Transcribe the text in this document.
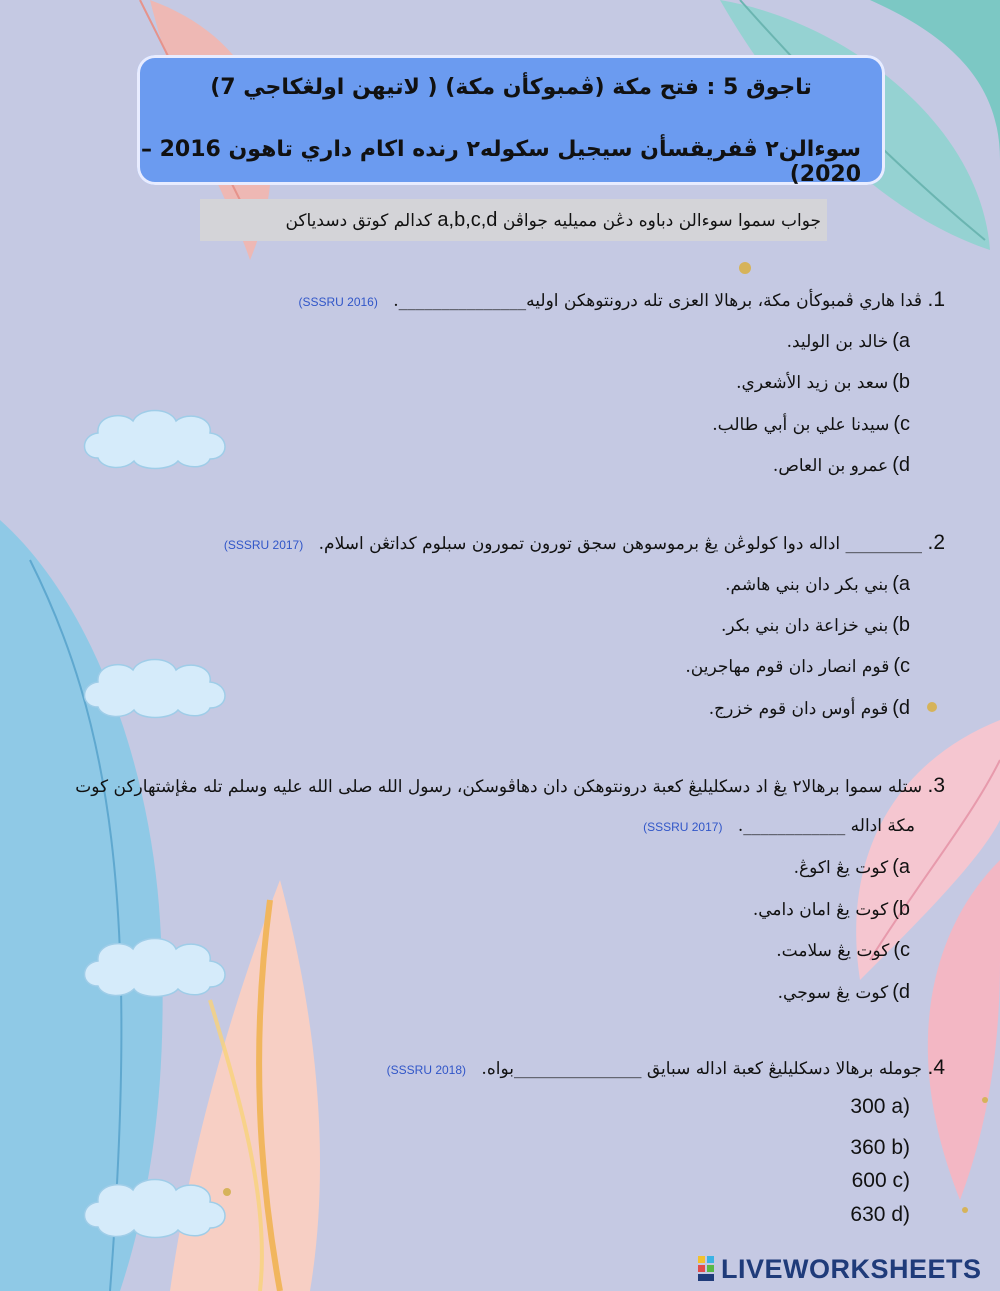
تاجوق 5 : فتح مكة (ڤمبوكأن مكة) ( لاتيهن اولڠكاجي 7)
سوءالن٢ ڤفريقسأن سيجيل سكوله٢ رنده اكام داري تاهون 2016 – 2020)
جواب سموا سوءالن دباوه دڠن مميليه جواڤن a,b,c,d كدالم كوتق دسدياكن
1. ڤدا هاري ڤمبوكأن مكة، برهالا العزى تله درونتوهكن اوليه_______________. (SSSRU 2016)
a)خالد بن الوليد.
b)سعد بن زيد الأشعري.
c)سيدنا علي بن أبي طالب.
d)عمرو بن العاص.
2. _________ اداله دوا كولوڠن يڠ برموسوهن سجق تورون تمورون سبلوم كداتڠن اسلام. (SSSRU 2017)
a)بني بكر دان بني هاشم.
b)بني خزاعة دان بني بكر.
c)قوم انصار دان قوم مهاجرين.
d)قوم أوس دان قوم خزرج.
3. ستله سموا برهالا٢ يڠ اد دسكليليڠ كعبة درونتوهكن دان دهاڤوسكن، رسول الله صلى الله عليه وسلم تله مڠإشتهاركن كوت
مكة اداله ____________. (SSSRU 2017)
a)كوت يڠ اكوڠ.
b)كوت يڠ امان دامي.
c)كوت يڠ سلامت.
d)كوت يڠ سوجي.
4. جومله برهالا دسكليليڠ كعبة اداله سبايق _______________بواه. (SSSRU 2018)
300 a)
360 b)
600 c)
630 d)
LIVEWORKSHEETS
